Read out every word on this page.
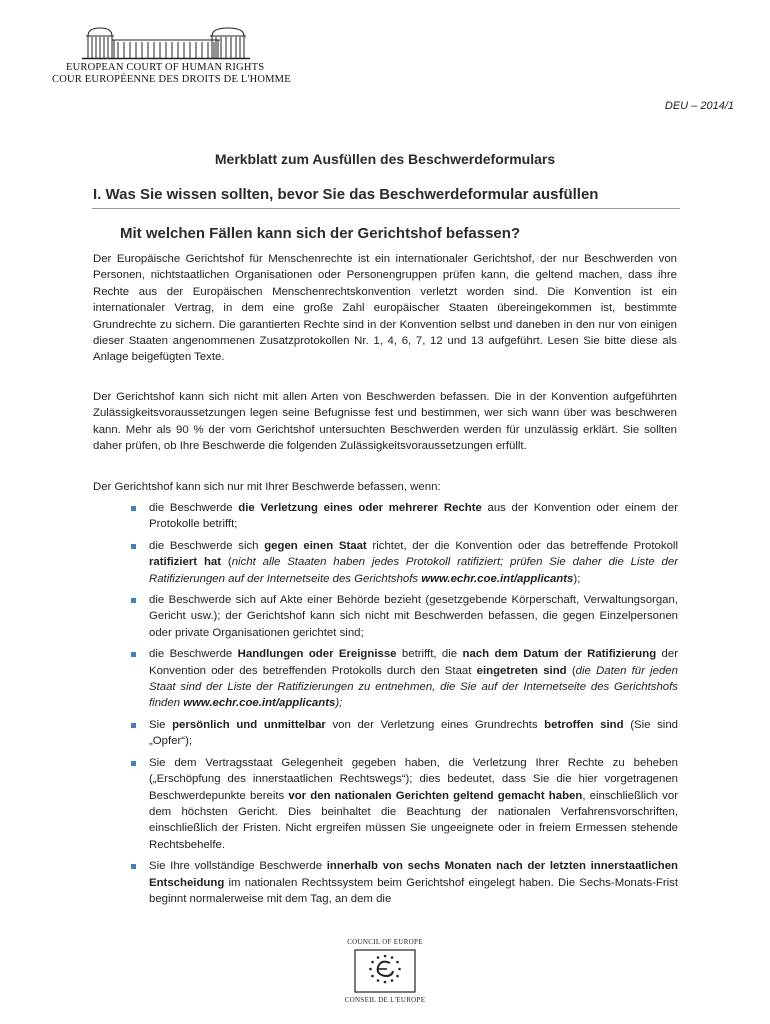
EUROPEAN COURT OF HUMAN RIGHTS
COUR EUROPÉENNE DES DROITS DE L'HOMME
DEU – 2014/1
Merkblatt zum Ausfüllen des Beschwerdeformulars
I. Was Sie wissen sollten, bevor Sie das Beschwerdeformular ausfüllen
Mit welchen Fällen kann sich der Gerichtshof befassen?
Der Europäische Gerichtshof für Menschenrechte ist ein internationaler Gerichtshof, der nur Beschwerden von Personen, nichtstaatlichen Organisationen oder Personengruppen prüfen kann, die geltend machen, dass ihre Rechte aus der Europäischen Menschenrechtskonvention verletzt worden sind. Die Konvention ist ein internationaler Vertrag, in dem eine große Zahl europäischer Staaten übereingekommen ist, bestimmte Grundrechte zu sichern. Die garantierten Rechte sind in der Konvention selbst und daneben in den nur von einigen dieser Staaten angenommenen Zusatzprotokollen Nr. 1, 4, 6, 7, 12 und 13 aufgeführt. Lesen Sie bitte diese als Anlage beigefügten Texte.
Der Gerichtshof kann sich nicht mit allen Arten von Beschwerden befassen. Die in der Konvention aufgeführten Zulässigkeitsvoraussetzungen legen seine Befugnisse fest und bestimmen, wer sich wann über was beschweren kann. Mehr als 90 % der vom Gerichtshof untersuchten Beschwerden werden für unzulässig erklärt. Sie sollten daher prüfen, ob Ihre Beschwerde die folgenden Zulässigkeitsvoraussetzungen erfüllt.
Der Gerichtshof kann sich nur mit Ihrer Beschwerde befassen, wenn:
die Beschwerde die Verletzung eines oder mehrerer Rechte aus der Konvention oder einem der Protokolle betrifft;
die Beschwerde sich gegen einen Staat richtet, der die Konvention oder das betreffende Protokoll ratifiziert hat (nicht alle Staaten haben jedes Protokoll ratifiziert; prüfen Sie daher die Liste der Ratifizierungen auf der Internetseite des Gerichtshofs www.echr.coe.int/applicants);
die Beschwerde sich auf Akte einer Behörde bezieht (gesetzgebende Körperschaft, Verwaltungsorgan, Gericht usw.); der Gerichtshof kann sich nicht mit Beschwerden befassen, die gegen Einzelpersonen oder private Organisationen gerichtet sind;
die Beschwerde Handlungen oder Ereignisse betrifft, die nach dem Datum der Ratifizierung der Konvention oder des betreffenden Protokolls durch den Staat eingetreten sind (die Daten für jeden Staat sind der Liste der Ratifizierungen zu entnehmen, die Sie auf der Internetseite des Gerichtshofs finden www.echr.coe.int/applicants);
Sie persönlich und unmittelbar von der Verletzung eines Grundrechts betroffen sind (Sie sind „Opfer“);
Sie dem Vertragsstaat Gelegenheit gegeben haben, die Verletzung Ihrer Rechte zu beheben („Erschöpfung des innerstaatlichen Rechtswegs“); dies bedeutet, dass Sie die hier vorgetragenen Beschwerdepunkte bereits vor den nationalen Gerichten geltend gemacht haben, einschließlich vor dem höchsten Gericht. Dies beinhaltet die Beachtung der nationalen Verfahrensvorschriften, einschließlich der Fristen. Nicht ergreifen müssen Sie ungeeignete oder in freiem Ermessen stehende Rechtsbehelfe.
Sie Ihre vollständige Beschwerde innerhalb von sechs Monaten nach der letzten innerstaatlichen Entscheidung im nationalen Rechtssystem beim Gerichtshof eingelegt haben. Die Sechs-Monats-Frist beginnt normalerweise mit dem Tag, an dem die
COUNCIL OF EUROPE
CONSEIL DE L'EUROPE
